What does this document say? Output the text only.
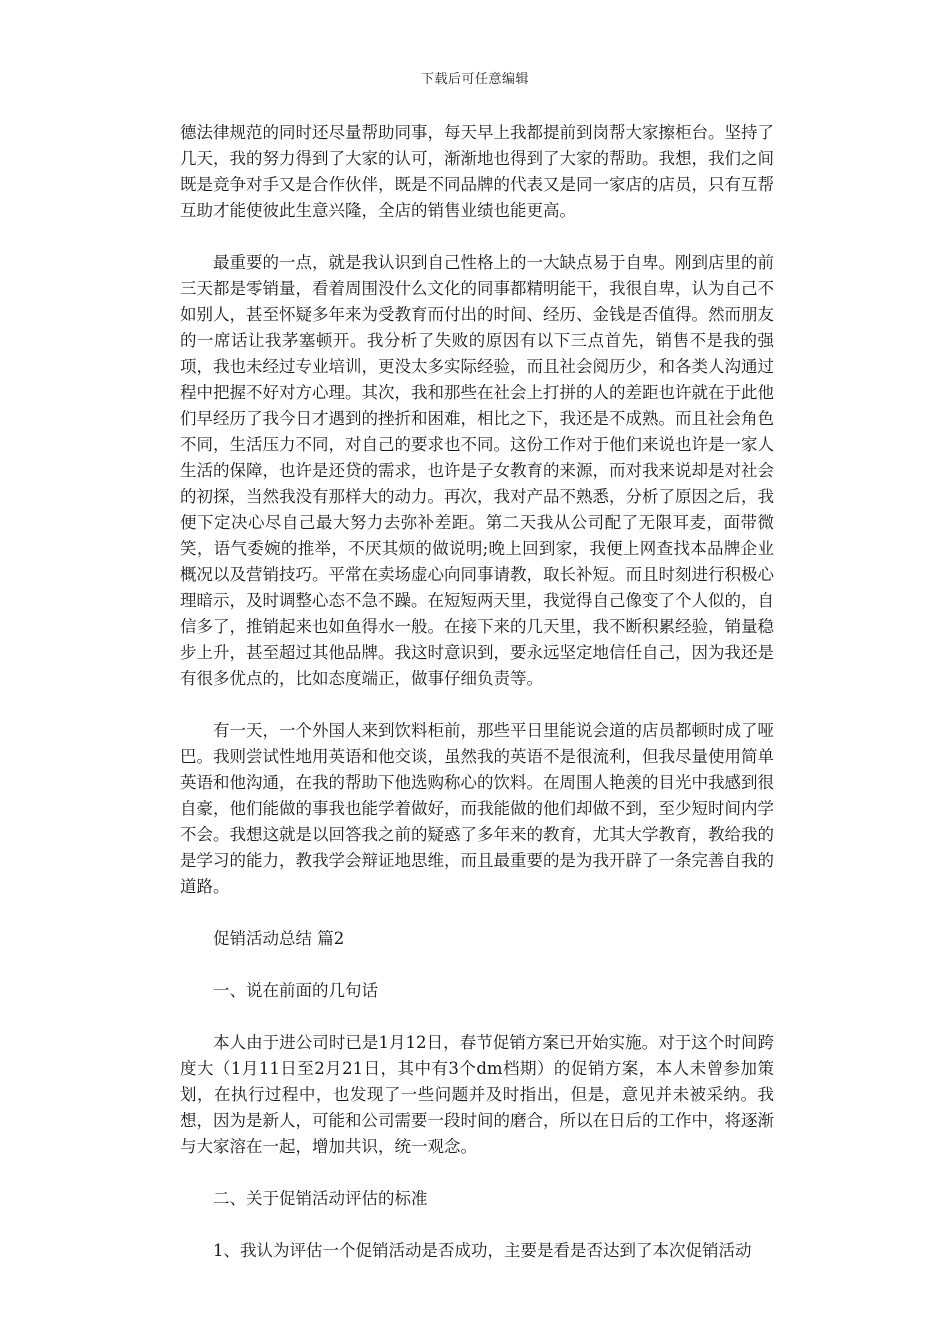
下载后可任意编辑

德法律规范的同时还尽量帮助同事，每天早上我都提前到岗帮大家擦柜台。坚持了几天，我的努力得到了大家的认可，渐渐地也得到了大家的帮助。我想，我们之间既是竞争对手又是合作伙伴，既是不同品牌的代表又是同一家店的店员，只有互帮互助才能使彼此生意兴隆，全店的销售业绩也能更高。

最重要的一点，就是我认识到自己性格上的一大缺点易于自卑。刚到店里的前三天都是零销量，看着周围没什么文化的同事都精明能干，我很自卑，认为自己不如别人，甚至怀疑多年来为受教育而付出的时间、经历、金钱是否值得。然而朋友的一席话让我茅塞顿开。我分析了失败的原因有以下三点首先，销售不是我的强项，我也未经过专业培训，更没太多实际经验，而且社会阅历少，和各类人沟通过程中把握不好对方心理。其次，我和那些在社会上打拼的人的差距也许就在于此他们早经历了我今日才遇到的挫折和困难，相比之下，我还是不成熟。而且社会角色不同，生活压力不同，对自己的要求也不同。这份工作对于他们来说也许是一家人生活的保障，也许是还贷的需求，也许是子女教育的来源，而对我来说却是对社会的初探，当然我没有那样大的动力。再次，我对产品不熟悉，分析了原因之后，我便下定决心尽自己最大努力去弥补差距。第二天我从公司配了无限耳麦，面带微笑，语气委婉的推举，不厌其烦的做说明;晚上回到家，我便上网查找本品牌企业概况以及营销技巧。平常在卖场虚心向同事请教，取长补短。而且时刻进行积极心理暗示，及时调整心态不急不躁。在短短两天里，我觉得自己像变了个人似的，自信多了，推销起来也如鱼得水一般。在接下来的几天里，我不断积累经验，销量稳步上升，甚至超过其他品牌。我这时意识到，要永远坚定地信任自己，因为我还是有很多优点的，比如态度端正，做事仔细负责等。

有一天，一个外国人来到饮料柜前，那些平日里能说会道的店员都顿时成了哑巴。我则尝试性地用英语和他交谈，虽然我的英语不是很流利，但我尽量使用简单英语和他沟通，在我的帮助下他选购称心的饮料。在周围人艳羡的目光中我感到很自豪，他们能做的事我也能学着做好，而我能做的他们却做不到，至少短时间内学不会。我想这就是以回答我之前的疑惑了多年来的教育，尤其大学教育，教给我的是学习的能力，教我学会辩证地思维，而且最重要的是为我开辟了一条完善自我的道路。

促销活动总结 篇2

一、说在前面的几句话

本人由于进公司时已是1月12日，春节促销方案已开始实施。对于这个时间跨度大（1月11日至2月21日，其中有3个dm档期）的促销方案，本人未曾参加策划，在执行过程中，也发现了一些问题并及时指出，但是，意见并未被采纳。我想，因为是新人，可能和公司需要一段时间的磨合，所以在日后的工作中，将逐渐与大家溶在一起，增加共识，统一观念。

二、关于促销活动评估的标准

1、我认为评估一个促销活动是否成功，主要是看是否达到了本次促销活动
